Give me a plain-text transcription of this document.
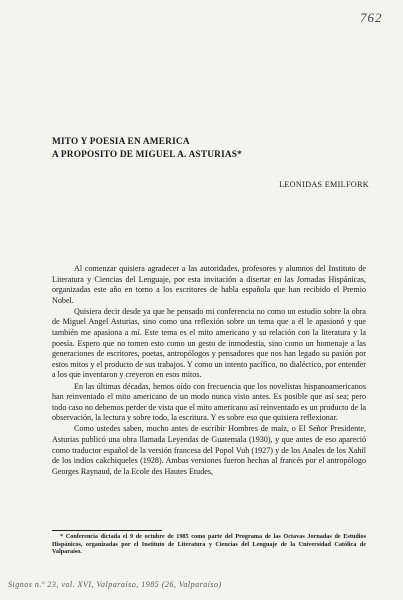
762
MITO Y POESIA EN AMERICA
A PROPOSITO DE MIGUEL A. ASTURIAS*
LEONIDAS EMILFORK

Al comenzar quisiera agradecer a las autoridades, profesores y alumnos del Instituto de Literatura y Ciencias del Lenguaje, por esta invitación a disertar en las Jornadas Hispánicas, organizadas este año en torno a los escritores de habla española que han recibido el Premio Nobel.

Quisiera decir desde ya que he pensado mi conferencia no como un estudio sobre la obra de Miguel Angel Asturias, sino como una reflexión sobre un tema que a él le apasionó y que también me apasiona a mí. Este tema es el mito americano y su relación con la literatura y la poesía. Espero que no tomen esto como un gesto de inmodestia, sino como un homenaje a las generaciones de escritores, poetas, antropólogos y pensadores que nos han legado su pasión por estos mitos y el producto de sus trabajos. Y como un intento pacífico, no dialéctico, por entender a los que inventaron y creyeron en esos mitos.

En las últimas décadas, hemos oído con frecuencia que los novelistas hispanoamericanos han reinventado el mito americano de un modo nunca visto antes. Es posible que así sea; pero todo caso no debemos perder de vista que el mito americano así reinventado es un producto de la observación, la lectura y sobre todo, la escritura. Y es sobre eso que quisiera reflexionar.

Como ustedes saben, mucho antes de escribir Hombres de maíz, o El Señor Presidente, Asturias publicó una obra llamada Leyendas de Guatemala (1930), y que antes de eso apareció como traductor español de la versión francesa del Popol Vuh (1927) y de los Anales de los Xahil de los indios cakchiqueles (1928). Ambas versiones fueron hechas al francés por el antropólogo Georges Raynaud, de la Ecole des Hautes Etudes,

* Conferencia dictada el 9 de octubre de 1985 como parte del Programa de las Octavas Jornadas de Estudios Hispánicos, organizadas por el Instituto de Literatura y Ciencias del Lenguaje de la Universidad Católica de Valparaíso.
Signos n.º 23, vol. XVI, Valparaíso, 1985 (26, Valparaíso)
